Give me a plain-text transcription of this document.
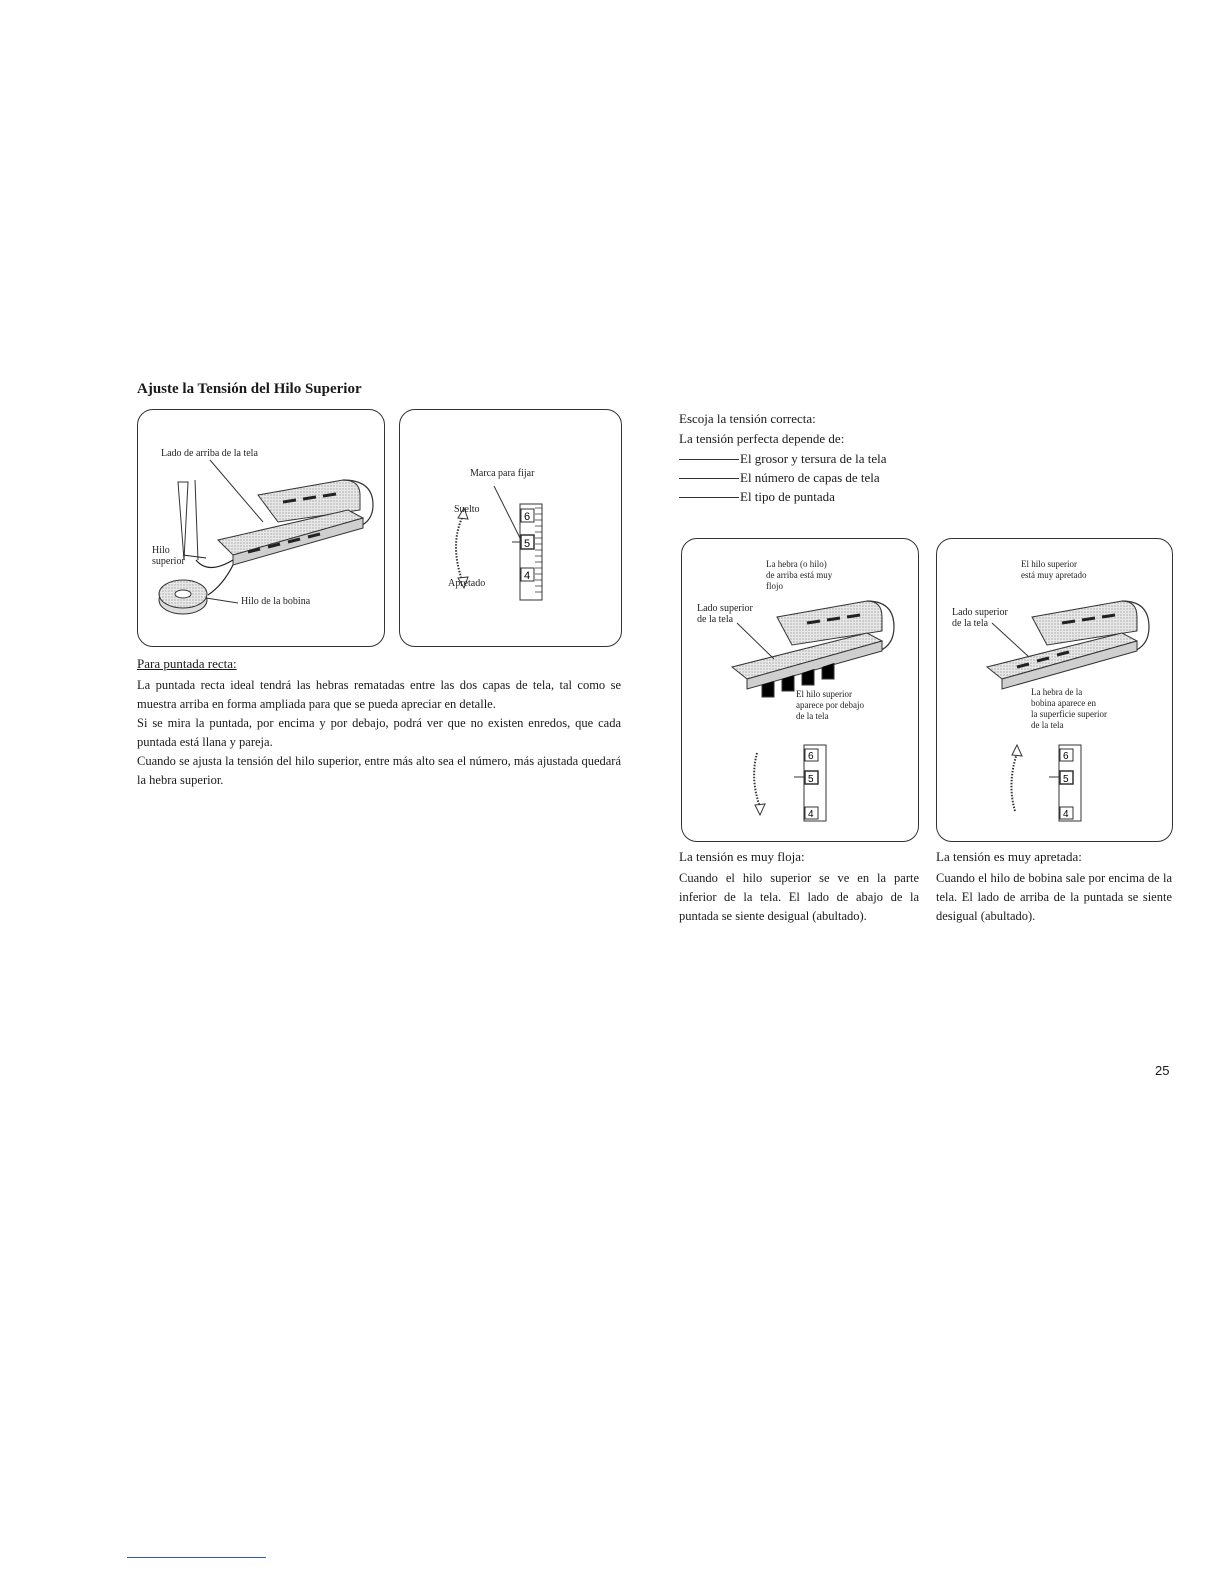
Ajuste la Tensión del Hilo Superior
Lado de arriba de la tela
Hilo
superior
Hilo de la bobina
6
5
4
Marca para fijar
Suelto
Apretado
Para puntada recta:

La puntada recta ideal tendrá las hebras rematadas entre las dos capas de tela, tal como se muestra arriba en forma ampliada para que se pueda apreciar en detalle.

Si se mira la puntada, por encima y por debajo, podrá ver que no existen enredos, que cada puntada está llana y pareja.

Cuando se ajusta la tensión del hilo superior, entre más alto sea el número, más ajustada quedará la hebra superior.

Escoja la tensión correcta:
La tensión perfecta depende de:
El grosor y tersura de la tela
El número de capas de tela
El tipo de puntada
6
5
4
La hebra (o hilo)
de arriba está muy
flojo
Lado superior
de la tela
El hilo superior
aparece por debajo
de la tela
6
5
4
El hilo superior
está muy apretado
Lado superior
de la tela
La hebra de la
bobina aparece en
la superficie superior
de la tela
La tensión es muy floja:

Cuando el hilo superior se ve en la parte inferior de la tela. El lado de abajo de la puntada se siente desigual (abultado).

La tensión es muy apretada:

Cuando el hilo de bobina sale por encima de la tela. El lado de arriba de la puntada se siente desigual (abultado).

25
